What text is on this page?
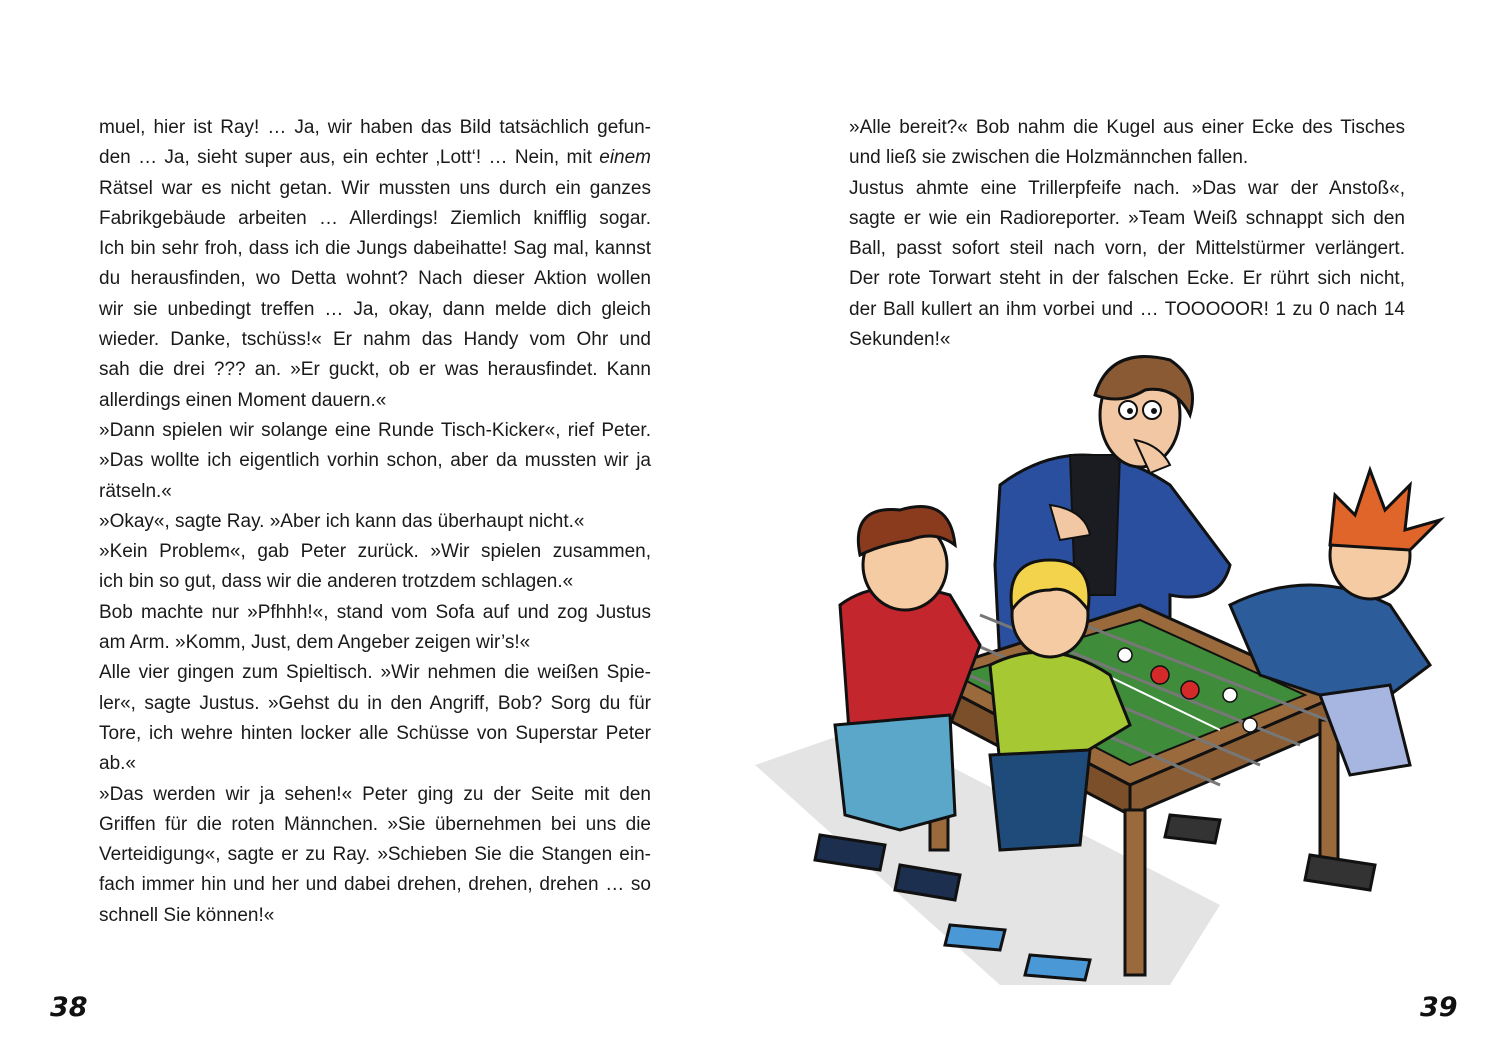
muel, hier ist Ray! … Ja, wir haben das Bild tatsächlich gefun-
den … Ja, sieht super aus, ein echter ‚Lott‘! … Nein, mit einem
Rätsel war es nicht getan. Wir mussten uns durch ein ganzes
Fabrikgebäude arbeiten … Allerdings! Ziemlich knifflig sogar.
Ich bin sehr froh, dass ich die Jungs dabeihatte! Sag mal, kannst
du herausfinden, wo Detta wohnt? Nach dieser Aktion wollen
wir sie unbedingt treffen … Ja, okay, dann melde dich gleich
wieder. Danke, tschüss!« Er nahm das Handy vom Ohr und
sah die drei ??? an. »Er guckt, ob er was herausfindet. Kann
allerdings einen Moment dauern.«
»Dann spielen wir solange eine Runde Tisch-Kicker«, rief Peter.
»Das wollte ich eigentlich vorhin schon, aber da mussten wir ja
rätseln.«
»Okay«, sagte Ray. »Aber ich kann das überhaupt nicht.«
»Kein Problem«, gab Peter zurück. »Wir spielen zusammen,
ich bin so gut, dass wir die anderen trotzdem schlagen.«
Bob machte nur »Pfhhh!«, stand vom Sofa auf und zog Justus
am Arm. »Komm, Just, dem Angeber zeigen wir’s!«
Alle vier gingen zum Spieltisch. »Wir nehmen die weißen Spie-
ler«, sagte Justus. »Gehst du in den Angriff, Bob? Sorg du für
Tore, ich wehre hinten locker alle Schüsse von Superstar Peter
ab.«
»Das werden wir ja sehen!« Peter ging zu der Seite mit den
Griffen für die roten Männchen. »Sie übernehmen bei uns die
Verteidigung«, sagte er zu Ray. »Schieben Sie die Stangen ein-
fach immer hin und her und dabei drehen, drehen, drehen … so
schnell Sie können!«
38
»Alle bereit?« Bob nahm die Kugel aus einer Ecke des Tisches
und ließ sie zwischen die Holzmännchen fallen.
Justus ahmte eine Trillerpfeife nach. »Das war der Anstoß«,
sagte er wie ein Radioreporter. »Team Weiß schnappt sich den
Ball, passt sofort steil nach vorn, der Mittelstürmer verlängert.
Der rote Torwart steht in der falschen Ecke. Er rührt sich nicht,
der Ball kullert an ihm vorbei und … TOOOOOR! 1 zu 0 nach 14
Sekunden!«
39
